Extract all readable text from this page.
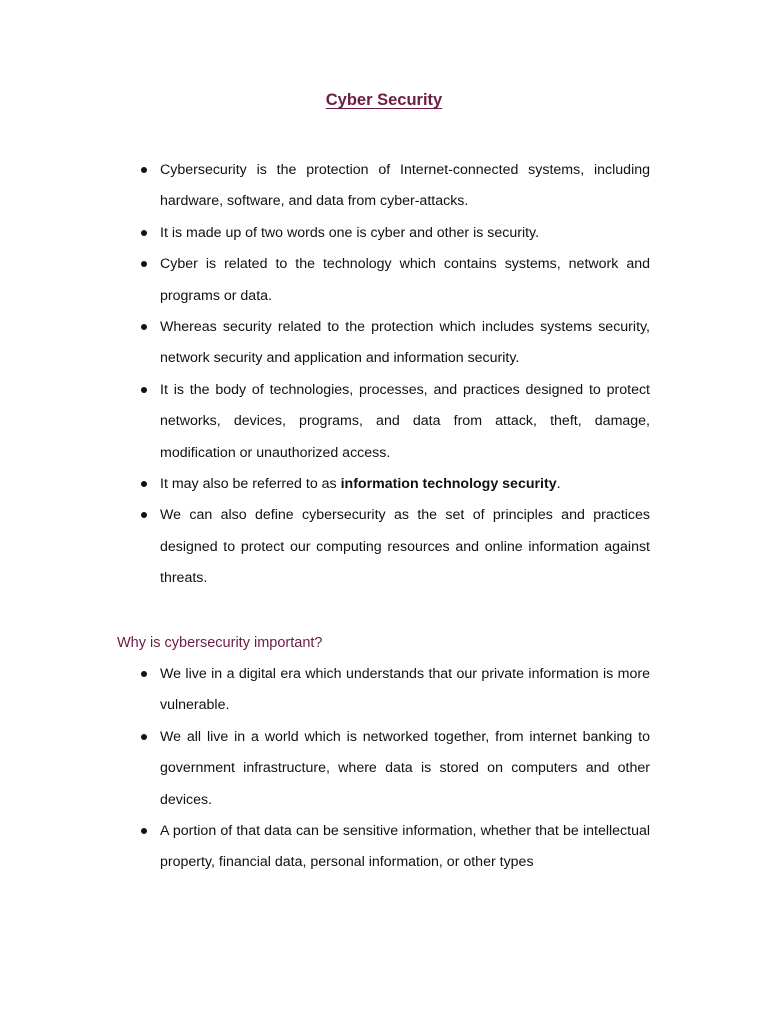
Cyber Security
Cybersecurity is the protection of Internet-connected systems, including hardware, software, and data from cyber-attacks.
It is made up of two words one is cyber and other is security.
Cyber is related to the technology which contains systems, network and programs or data.
Whereas security related to the protection which includes systems security, network security and application and information security.
It is the body of technologies, processes, and practices designed to protect networks, devices, programs, and data from attack, theft, damage, modification or unauthorized access.
It may also be referred to as information technology security.
We can also define cybersecurity as the set of principles and practices designed to protect our computing resources and online information against threats.
Why is cybersecurity important?
We live in a digital era which understands that our private information is more vulnerable.
We all live in a world which is networked together, from internet banking to government infrastructure, where data is stored on computers and other devices.
A portion of that data can be sensitive information, whether that be intellectual property, financial data, personal information, or other types
